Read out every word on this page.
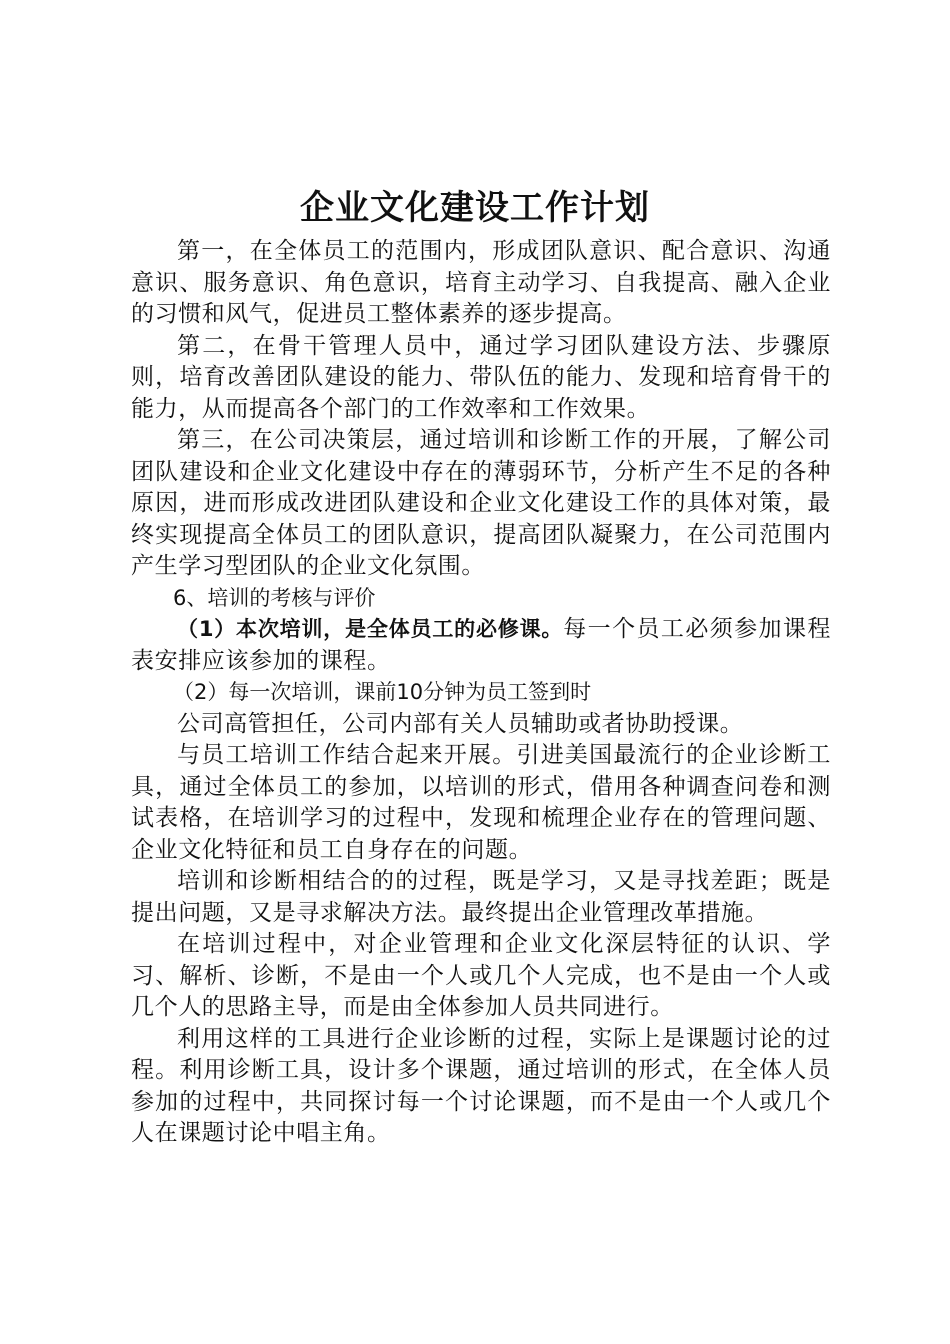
企业文化建设工作计划

第一，在全体员工的范围内，形成团队意识、配合意识、沟通意识、服务意识、角色意识，培育主动学习、自我提高、融入企业的习惯和风气，促进员工整体素养的逐步提高。

第二，在骨干管理人员中，通过学习团队建设方法、步骤原则，培育改善团队建设的能力、带队伍的能力、发现和培育骨干的能力，从而提高各个部门的工作效率和工作效果。

第三，在公司决策层，通过培训和诊断工作的开展，了解公司团队建设和企业文化建设中存在的薄弱环节，分析产生不足的各种原因，进而形成改进团队建设和企业文化建设工作的具体对策，最终实现提高全体员工的团队意识，提高团队凝聚力，在公司范围内产生学习型团队的企业文化氛围。

6、培训的考核与评价

（1）本次培训，是全体员工的必修课。每一个员工必须参加课程表安排应该参加的课程。

（2）每一次培训，课前10分钟为员工签到时

公司高管担任，公司内部有关人员辅助或者协助授课。

与员工培训工作结合起来开展。引进美国最流行的企业诊断工具，通过全体员工的参加，以培训的形式，借用各种调查问卷和测试表格，在培训学习的过程中，发现和梳理企业存在的管理问题、企业文化特征和员工自身存在的问题。

培训和诊断相结合的的过程，既是学习，又是寻找差距；既是提出问题，又是寻求解决方法。最终提出企业管理改革措施。

在培训过程中，对企业管理和企业文化深层特征的认识、学习、解析、诊断，不是由一个人或几个人完成，也不是由一个人或几个人的思路主导，而是由全体参加人员共同进行。

利用这样的工具进行企业诊断的过程，实际上是课题讨论的过程。利用诊断工具，设计多个课题，通过培训的形式，在全体人员参加的过程中，共同探讨每一个讨论课题，而不是由一个人或几个人在课题讨论中唱主角。
